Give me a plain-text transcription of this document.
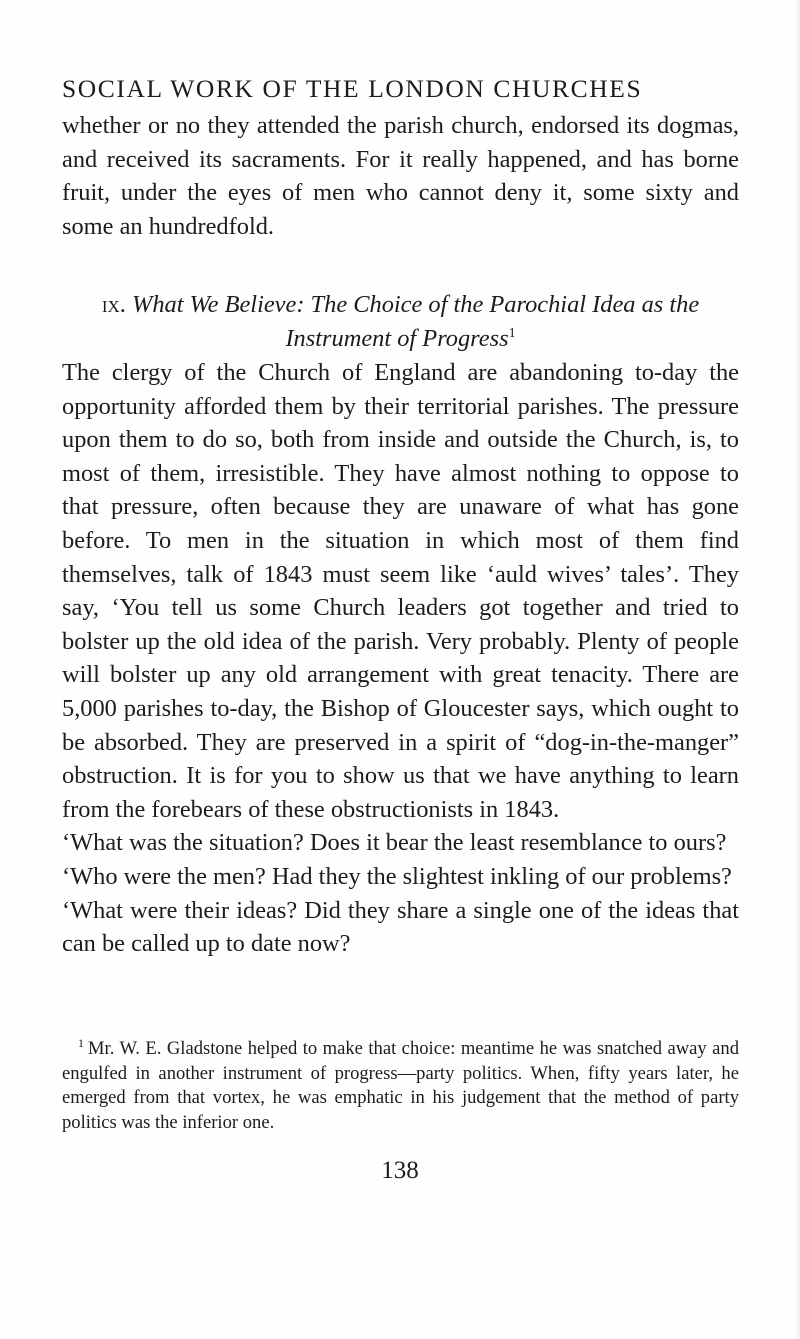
SOCIAL WORK OF THE LONDON CHURCHES
whether or no they attended the parish church, endorsed its dogmas, and received its sacraments. For it really happened, and has borne fruit, under the eyes of men who cannot deny it, some sixty and some an hundredfold.
ix. What We Believe: The Choice of the Parochial Idea as the Instrument of Progress$^1$

The clergy of the Church of England are abandoning to-day the opportunity afforded them by their territorial parishes. The pressure upon them to do so, both from inside and outside the Church, is, to most of them, irresistible. They have almost nothing to oppose to that pressure, often because they are unaware of what has gone before. To men in the situation in which most of them find themselves, talk of 1843 must seem like ‘auld wives’ tales’. They say, ‘You tell us some Church leaders got together and tried to bolster up the old idea of the parish. Very probably. Plenty of people will bolster up any old arrangement with great tenacity. There are 5,000 parishes to-day, the Bishop of Gloucester says, which ought to be absorbed. They are preserved in a spirit of “dog-in-the-manger” obstruction. It is for you to show us that we have anything to learn from the forebears of these obstructionists in 1843.

‘What was the situation? Does it bear the least resemblance to ours?

‘Who were the men? Had they the slightest inkling of our problems?

‘What were their ideas? Did they share a single one of the ideas that can be called up to date now?

$^1$ Mr. W. E. Gladstone helped to make that choice: meantime he was snatched away and engulfed in another instrument of progress—party politics. When, fifty years later, he emerged from that vortex, he was emphatic in his judgement that the method of party politics was the inferior one.
138
